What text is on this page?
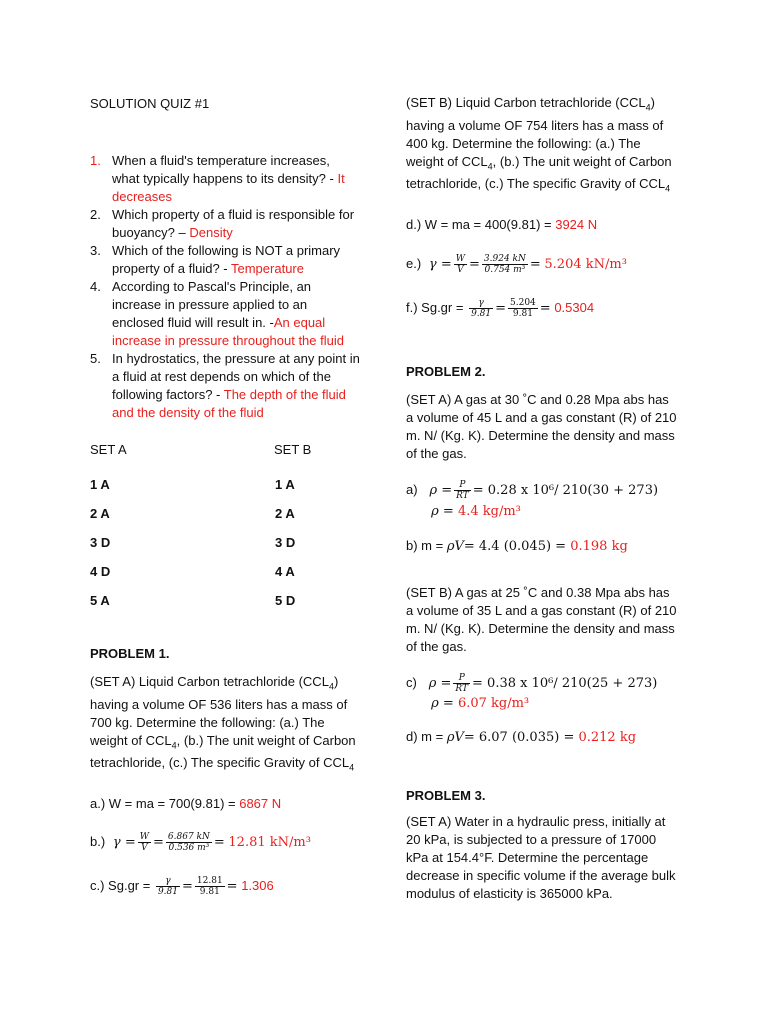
SOLUTION QUIZ #1
1. When a fluid's temperature increases, what typically happens to its density? - It decreases
2. Which property of a fluid is responsible for buoyancy? – Density
3. Which of the following is NOT a primary property of a fluid? - Temperature
4. According to Pascal's Principle, an increase in pressure applied to an enclosed fluid will result in. -An equal increase in pressure throughout the fluid
5. In hydrostatics, the pressure at any point in a fluid at rest depends on which of the following factors? - The depth of the fluid and the density of the fluid
SET A	SET B
1 A
2 A
3 D
4 D
5 A
1 A
2 A
3 D
4 A
5 D
PROBLEM 1.
(SET A) Liquid Carbon tetrachloride $(CCL_4)$ having a volume OF 536 liters has a mass of 700 kg. Determine the following: (a.) The weight of $CCL_4$, (b.) The unit weight of Carbon tetrachloride, (c.) The specific Gravity of $CCL_4$
a.) W = ma = 700(9.81) = 6867 N
b.)  $\gamma = \frac{W}{V} = \frac{6.867 kN}{\text{0.536 m³}} = 12.81$ kN/m³
c.) $Sg.gr = \frac{\gamma}{9.81} = \frac{12.81}{9.81} = 1.306$
(SET B) Liquid Carbon tetrachloride $(CCL_4)$ having a volume OF 754 liters has a mass of 400 kg. Determine the following: (a.) The weight of $CCL_4$, (b.) The unit weight of Carbon tetrachloride, (c.) The specific Gravity of $CCL_4$
d.) W = ma = 400(9.81) = 3924 N
e.)  $\gamma = \frac{W}{V} = \frac{3.924 kN}{\text{0.754 m³}} = 5.204$ kN/m³
f.) $Sg.gr = \frac{\gamma}{9.81} = \frac{5.204}{9.81} = 0.5304$
PROBLEM 2.
(SET A) A gas at 30 ˚C and 0.28 Mpa abs has a volume of 45 L and a gas constant (R) of 210 m. N/ (Kg. K). Determine the density and mass of the gas.
a)   $\rho = \frac{P}{RT} = 0.28$ x 10⁶/ 210(30 + 273)
ρ = 4.4 kg/m³
b) m = ρV= 4.4 (0.045) = 0.198 kg
(SET B) A gas at 25 ˚C and 0.38 Mpa abs has a volume of 35 L and a gas constant (R) of 210 m. N/ (Kg. K). Determine the density and mass of the gas.
c)   $\rho = \frac{P}{RT} = 0.38$ x 10⁶/ 210(25 + 273)
ρ = 6.07 kg/m³
d) m = ρV= 6.07 (0.035) = 0.212 kg
PROBLEM 3.
(SET A) Water in a hydraulic press, initially at 20 kPa, is subjected to a pressure of 17000 kPa at 154.4°F. Determine the percentage decrease in specific volume if the average bulk modulus of elasticity is 365000 kPa.
